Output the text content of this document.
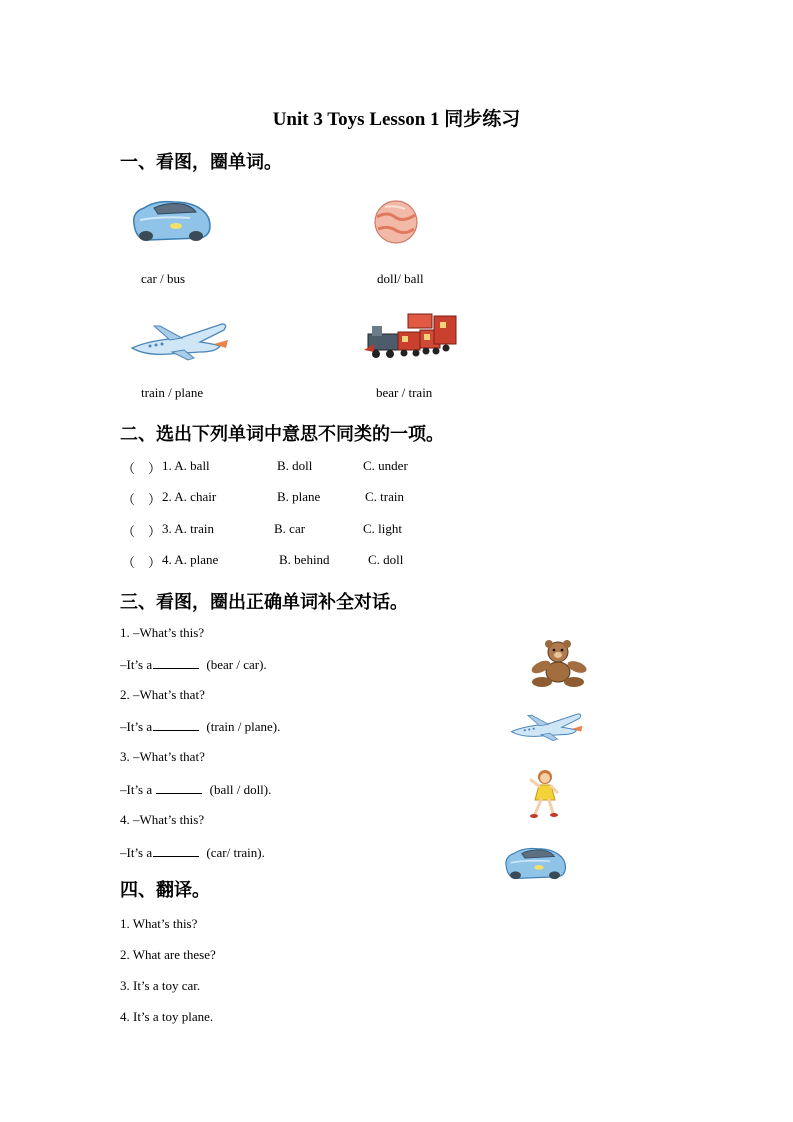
Unit 3 Toys Lesson 1 同步练习
一、看图，圈单词。
car / bus	doll/ ball
train / plane	bear / train
二、选出下列单词中意思不同类的一项。
（    ） 1. A. ball	B. doll	C. under
（    ） 2. A. chair	B. plane	C. train
（    ） 3. A. train	B. car	C. light
（    ） 4. A. plane	B. behind	C. doll
三、看图，圈出正确单词补全对话。
1. –What’s this?
–It’s a	(bear / car).
2. –What’s that?
–It’s a	(train / plane).
3. –What’s that?
–It’s a	(ball / doll).
4. –What’s this?
–It’s a	(car/ train).
四、翻译。
1. What’s this?
2. What are these?
3. It’s a toy car.
4. It’s a toy plane.
